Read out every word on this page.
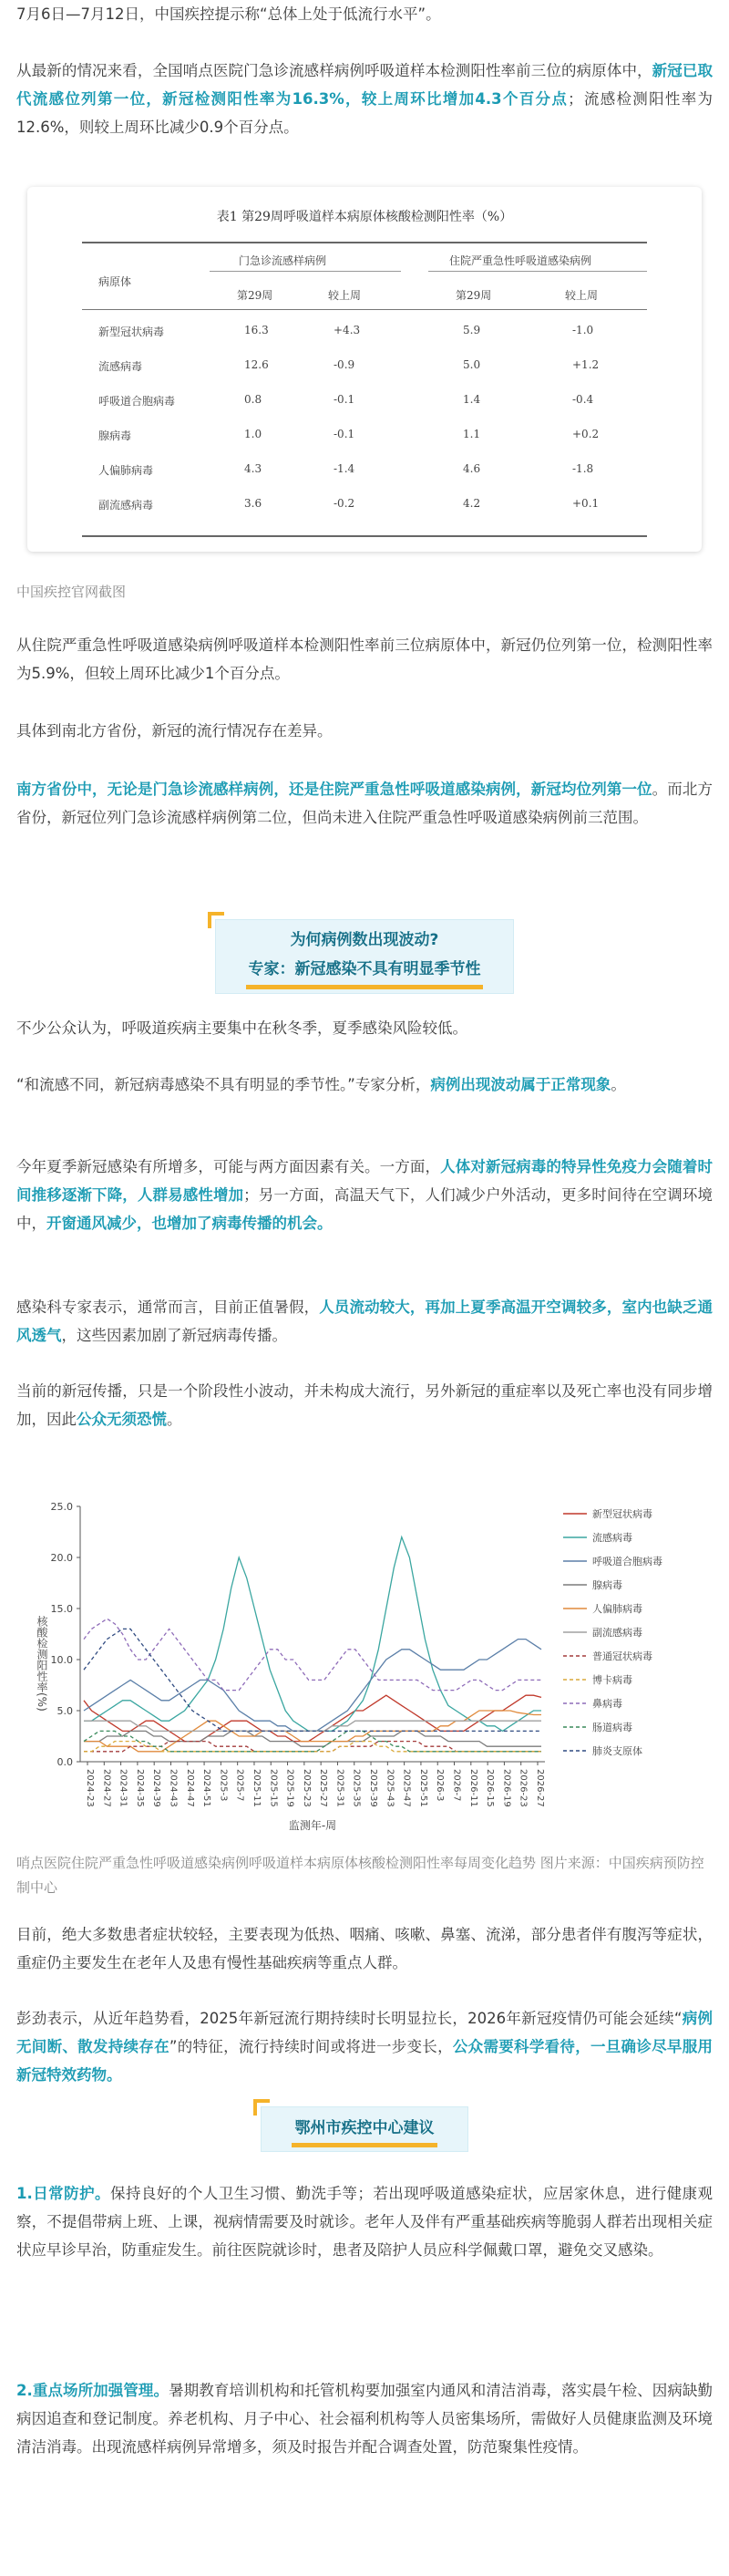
7月6日—7月12日，中国疾控提示称“总体上处于低流行水平”。

从最新的情况来看，全国哨点医院门急诊流感样病例呼吸道样本检测阳性率前三位的病原体中，新冠已取代流感位列第一位，新冠检测阳性率为16.3%，较上周环比增加4.3个百分点；流感检测阳性率为12.6%，则较上周环比减少0.9个百分点。

表1 第29周呼吸道样本病原体核酸检测阳性率（%）
病原体
门急诊流感样病例	住院严重急性呼吸道感染病例
第29周	较上周	第29周	较上周
新型冠状病毒	16.3	+4.3	5.9	-1.0
流感病毒	12.6	-0.9	5.0	+1.2
呼吸道合胞病毒	0.8	-0.1	1.4	-0.4
腺病毒	1.0	-0.1	1.1	+0.2
人偏肺病毒	4.3	-1.4	4.6	-1.8
副流感病毒	3.6	-0.2	4.2	+0.1

中国疾控官网截图

从住院严重急性呼吸道感染病例呼吸道样本检测阳性率前三位病原体中，新冠仍位列第一位，检测阳性率为5.9%，但较上周环比减少1个百分点。

具体到南北方省份，新冠的流行情况存在差异。

南方省份中，无论是门急诊流感样病例，还是住院严重急性呼吸道感染病例，新冠均位列第一位。而北方省份，新冠位列门急诊流感样病例第二位，但尚未进入住院严重急性呼吸道感染病例前三范围。

为何病例数出现波动?
专家：新冠感染不具有明显季节性

不少公众认为，呼吸道疾病主要集中在秋冬季，夏季感染风险较低。

“和流感不同，新冠病毒感染不具有明显的季节性。”专家分析，病例出现波动属于正常现象。

今年夏季新冠感染有所增多，可能与两方面因素有关。一方面，人体对新冠病毒的特异性免疫力会随着时间推移逐渐下降，人群易感性增加；另一方面，高温天气下，人们减少户外活动，更多时间待在空调环境中，开窗通风减少，也增加了病毒传播的机会。

感染科专家表示，通常而言，目前正值暑假，人员流动较大，再加上夏季高温开空调较多，室内也缺乏通风透气，这些因素加剧了新冠病毒传播。

当前的新冠传播，只是一个阶段性小波动，并未构成大流行，另外新冠的重症率以及死亡率也没有同步增加，因此公众无须恐慌。

0.0
5.0
10.0
15.0
20.0
25.0
核酸检测阳性率(%)
2024-23 2024-27 2024-31 2024-35 2024-39 2024-43 2024-47 2024-51 2025-3 2025-7 2025-11 2025-15 2025-19 2025-23 2025-27 2025-31 2025-35 2025-39 2025-43 2025-47 2025-51 2026-3 2026-7 2026-11 2026-15 2026-19 2026-23 2026-27
监测年-周
新型冠状病毒
流感病毒
呼吸道合胞病毒
腺病毒
人偏肺病毒
副流感病毒
普通冠状病毒
博卡病毒
鼻病毒
肠道病毒
肺炎支原体

哨点医院住院严重急性呼吸道感染病例呼吸道样本病原体核酸检测阳性率每周变化趋势 图片来源：中国疾病预防控制中心

目前，绝大多数患者症状较轻，主要表现为低热、咽痛、咳嗽、鼻塞、流涕，部分患者伴有腹泻等症状，重症仍主要发生在老年人及患有慢性基础疾病等重点人群。

彭劲表示，从近年趋势看，2025年新冠流行期持续时长明显拉长，2026年新冠疫情仍可能会延续“病例无间断、散发持续存在”的特征，流行持续时间或将进一步变长，公众需要科学看待，一旦确诊尽早服用新冠特效药物。

鄂州市疾控中心建议

1.日常防护。保持良好的个人卫生习惯、勤洗手等；若出现呼吸道感染症状，应居家休息，进行健康观察，不提倡带病上班、上课，视病情需要及时就诊。老年人及伴有严重基础疾病等脆弱人群若出现相关症状应早诊早治，防重症发生。前往医院就诊时，患者及陪护人员应科学佩戴口罩，避免交叉感染。

2.重点场所加强管理。暑期教育培训机构和托管机构要加强室内通风和清洁消毒，落实晨午检、因病缺勤病因追查和登记制度。养老机构、月子中心、社会福利机构等人员密集场所，需做好人员健康监测及环境清洁消毒。出现流感样病例异常增多，须及时报告并配合调查处置，防范聚集性疫情。
